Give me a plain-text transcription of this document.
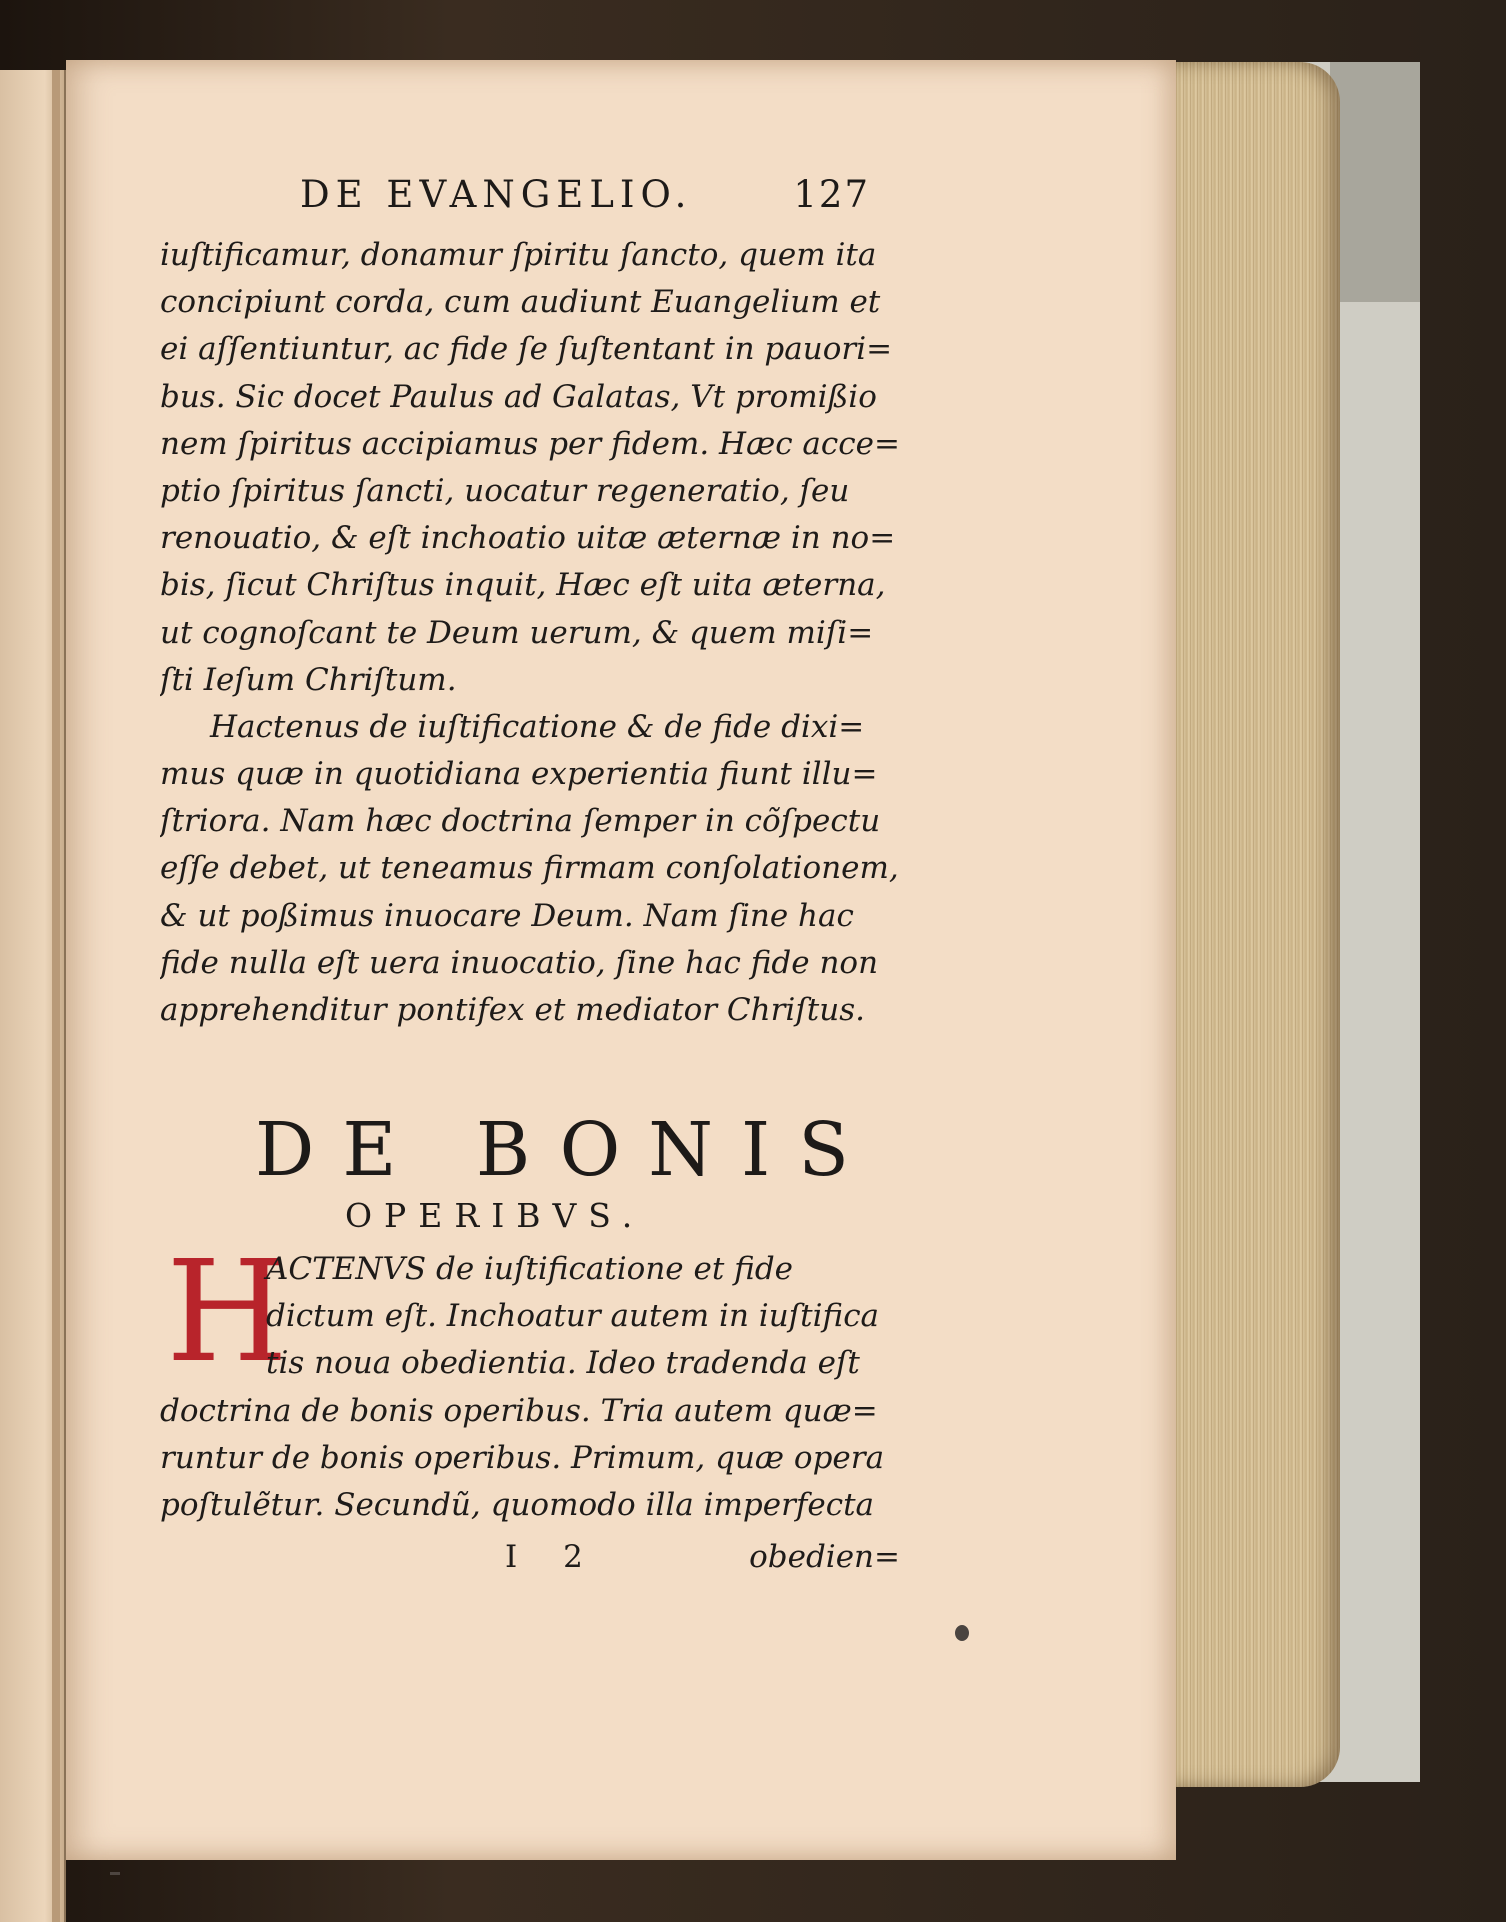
DE EVANGELIO.	127
iuſtificamur, donamur ſpiritu ſancto, quem ita
concipiunt corda, cum audiunt Euangelium et
ei aſſentiuntur, ac fide ſe ſuſtentant in pauori=
bus. Sic docet Paulus ad Galatas, Vt promißio
nem ſpiritus accipiamus per fidem. Hæc acce=
ptio ſpiritus ſancti, uocatur regeneratio, ſeu
renouatio, & eſt inchoatio uitæ æternæ in no=
bis, ſicut Chriſtus inquit, Hæc eſt uita æterna,
ut cognoſcant te Deum uerum, & quem miſi=
ſti Ieſum Chriſtum.
Hactenus de iuſtificatione & de fide dixi=
mus quæ in quotidiana experientia fiunt illu=
ſtriora. Nam hæc doctrina ſemper in cõſpectu
eſſe debet, ut teneamus firmam conſolationem,
& ut poßimus inuocare Deum. Nam ſine hac
fide nulla eſt uera inuocatio, ſine hac fide non
apprehenditur pontifex et mediator Chriſtus.
DE BONIS
OPERIBVS.
H
ACTENVS de iuſtificatione et fide
dictum eſt. Inchoatur autem in iuſtifica
tis noua obedientia. Ideo tradenda eſt
doctrina de bonis operibus. Tria autem quæ=
runtur de bonis operibus. Primum, quæ opera
poſtulẽtur. Secundũ, quomodo illa imperfecta
I 2	obedien=
